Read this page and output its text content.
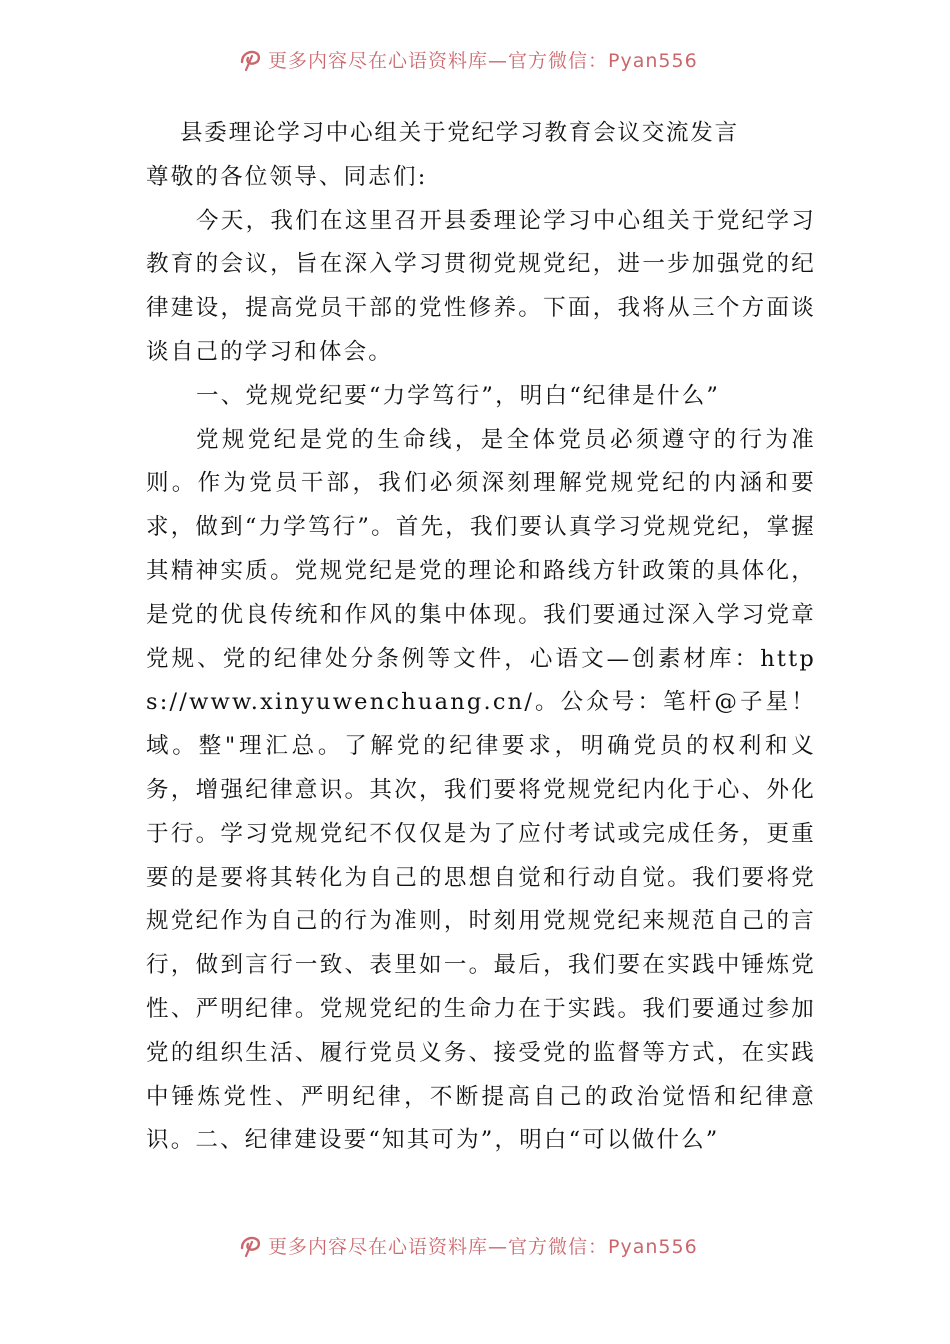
更多内容尽在心语资料库—官方微信：Pyan556

县委理论学习中心组关于党纪学习教育会议交流发言

尊敬的各位领导、同志们:

今天，我们在这里召开县委理论学习中心组关于党纪学习教育的会议，旨在深入学习贯彻党规党纪，进一步加强党的纪律建设，提高党员干部的党性修养。下面，我将从三个方面谈谈自己的学习和体会。

一、党规党纪要“力学笃行”，明白“纪律是什么”

党规党纪是党的生命线，是全体党员必须遵守的行为准则。作为党员干部，我们必须深刻理解党规党纪的内涵和要求，做到“力学笃行”。首先，我们要认真学习党规党纪，掌握其精神实质。党规党纪是党的理论和路线方针政策的具体化，是党的优良传统和作风的集中体现。我们要通过深入学习党章党规、党的纪律处分条例等文件，心语文—创素材库：https://www.xinyuwenchuang.cn/。公众号：笔杆@子星！域。整"理汇总。了解党的纪律要求，明确党员的权利和义务，增强纪律意识。其次，我们要将党规党纪内化于心、外化于行。学习党规党纪不仅仅是为了应付考试或完成任务，更重要的是要将其转化为自己的思想自觉和行动自觉。我们要将党规党纪作为自己的行为准则，时刻用党规党纪来规范自己的言行，做到言行一致、表里如一。最后，我们要在实践中锤炼党性、严明纪律。党规党纪的生命力在于实践。我们要通过参加党的组织生活、履行党员义务、接受党的监督等方式，在实践中锤炼党性、严明纪律，不断提高自己的政治觉悟和纪律意识。二、纪律建设要“知其可为”，明白“可以做什么”

更多内容尽在心语资料库—官方微信：Pyan556
